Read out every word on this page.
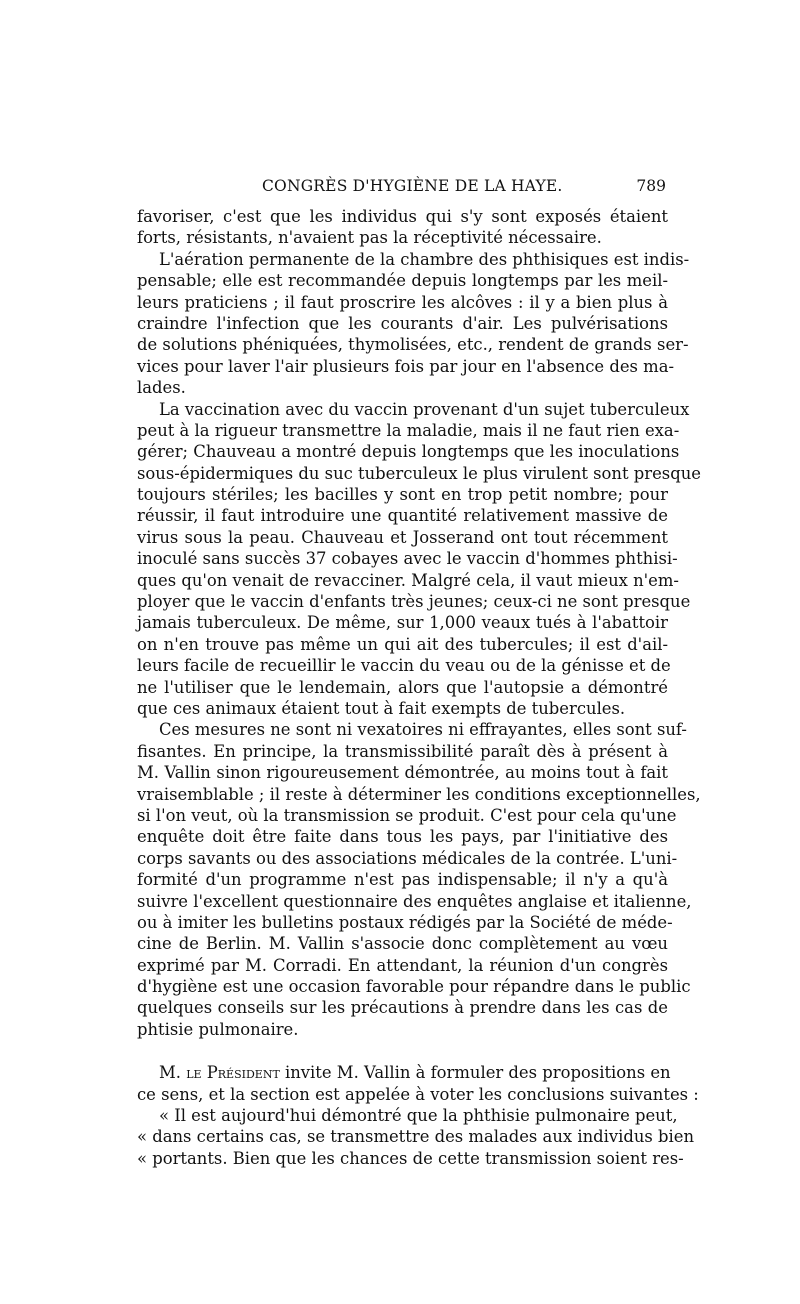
CONGRÈS D'HYGIÈNE DE LA HAYE.	789
favoriser, c'est que les individus qui s'y sont exposés étaient
forts, résistants, n'avaient pas la réceptivité nécessaire.
L'aération permanente de la chambre des phthisiques est indis-
pensable; elle est recommandée depuis longtemps par les meil-
leurs praticiens ; il faut proscrire les alcôves : il y a bien plus à
craindre l'infection que les courants d'air. Les pulvérisations
de solutions phéniquées, thymolisées, etc., rendent de grands ser-
vices pour laver l'air plusieurs fois par jour en l'absence des ma-
lades.
La vaccination avec du vaccin provenant d'un sujet tuberculeux
peut à la rigueur transmettre la maladie, mais il ne faut rien exa-
gérer; Chauveau a montré depuis longtemps que les inoculations
sous-épidermiques du suc tuberculeux le plus virulent sont presque
toujours stériles; les bacilles y sont en trop petit nombre; pour
réussir, il faut introduire une quantité relativement massive de
virus sous la peau. Chauveau et Josserand ont tout récemment
inoculé sans succès 37 cobayes avec le vaccin d'hommes phthisi-
ques qu'on venait de revacciner. Malgré cela, il vaut mieux n'em-
ployer que le vaccin d'enfants très jeunes; ceux-ci ne sont presque
jamais tuberculeux. De même, sur 1,000 veaux tués à l'abattoir
on n'en trouve pas même un qui ait des tubercules; il est d'ail-
leurs facile de recueillir le vaccin du veau ou de la génisse et de
ne l'utiliser que le lendemain, alors que l'autopsie a démontré
que ces animaux étaient tout à fait exempts de tubercules.
Ces mesures ne sont ni vexatoires ni effrayantes, elles sont suf-
fisantes. En principe, la transmissibilité paraît dès à présent à
M. Vallin sinon rigoureusement démontrée, au moins tout à fait
vraisemblable ; il reste à déterminer les conditions exceptionnelles,
si l'on veut, où la transmission se produit. C'est pour cela qu'une
enquête doit être faite dans tous les pays, par l'initiative des
corps savants ou des associations médicales de la contrée. L'uni-
formité d'un programme n'est pas indispensable; il n'y a qu'à
suivre l'excellent questionnaire des enquêtes anglaise et italienne,
ou à imiter les bulletins postaux rédigés par la Société de méde-
cine de Berlin. M. Vallin s'associe donc complètement au vœu
exprimé par M. Corradi. En attendant, la réunion d'un congrès
d'hygiène est une occasion favorable pour répandre dans le public
quelques conseils sur les précautions à prendre dans les cas de
phtisie pulmonaire.
M. le Président invite M. Vallin à formuler des propositions en
ce sens, et la section est appelée à voter les conclusions suivantes :
« Il est aujourd'hui démontré que la phthisie pulmonaire peut,
« dans certains cas, se transmettre des malades aux individus bien
« portants. Bien que les chances de cette transmission soient res-
